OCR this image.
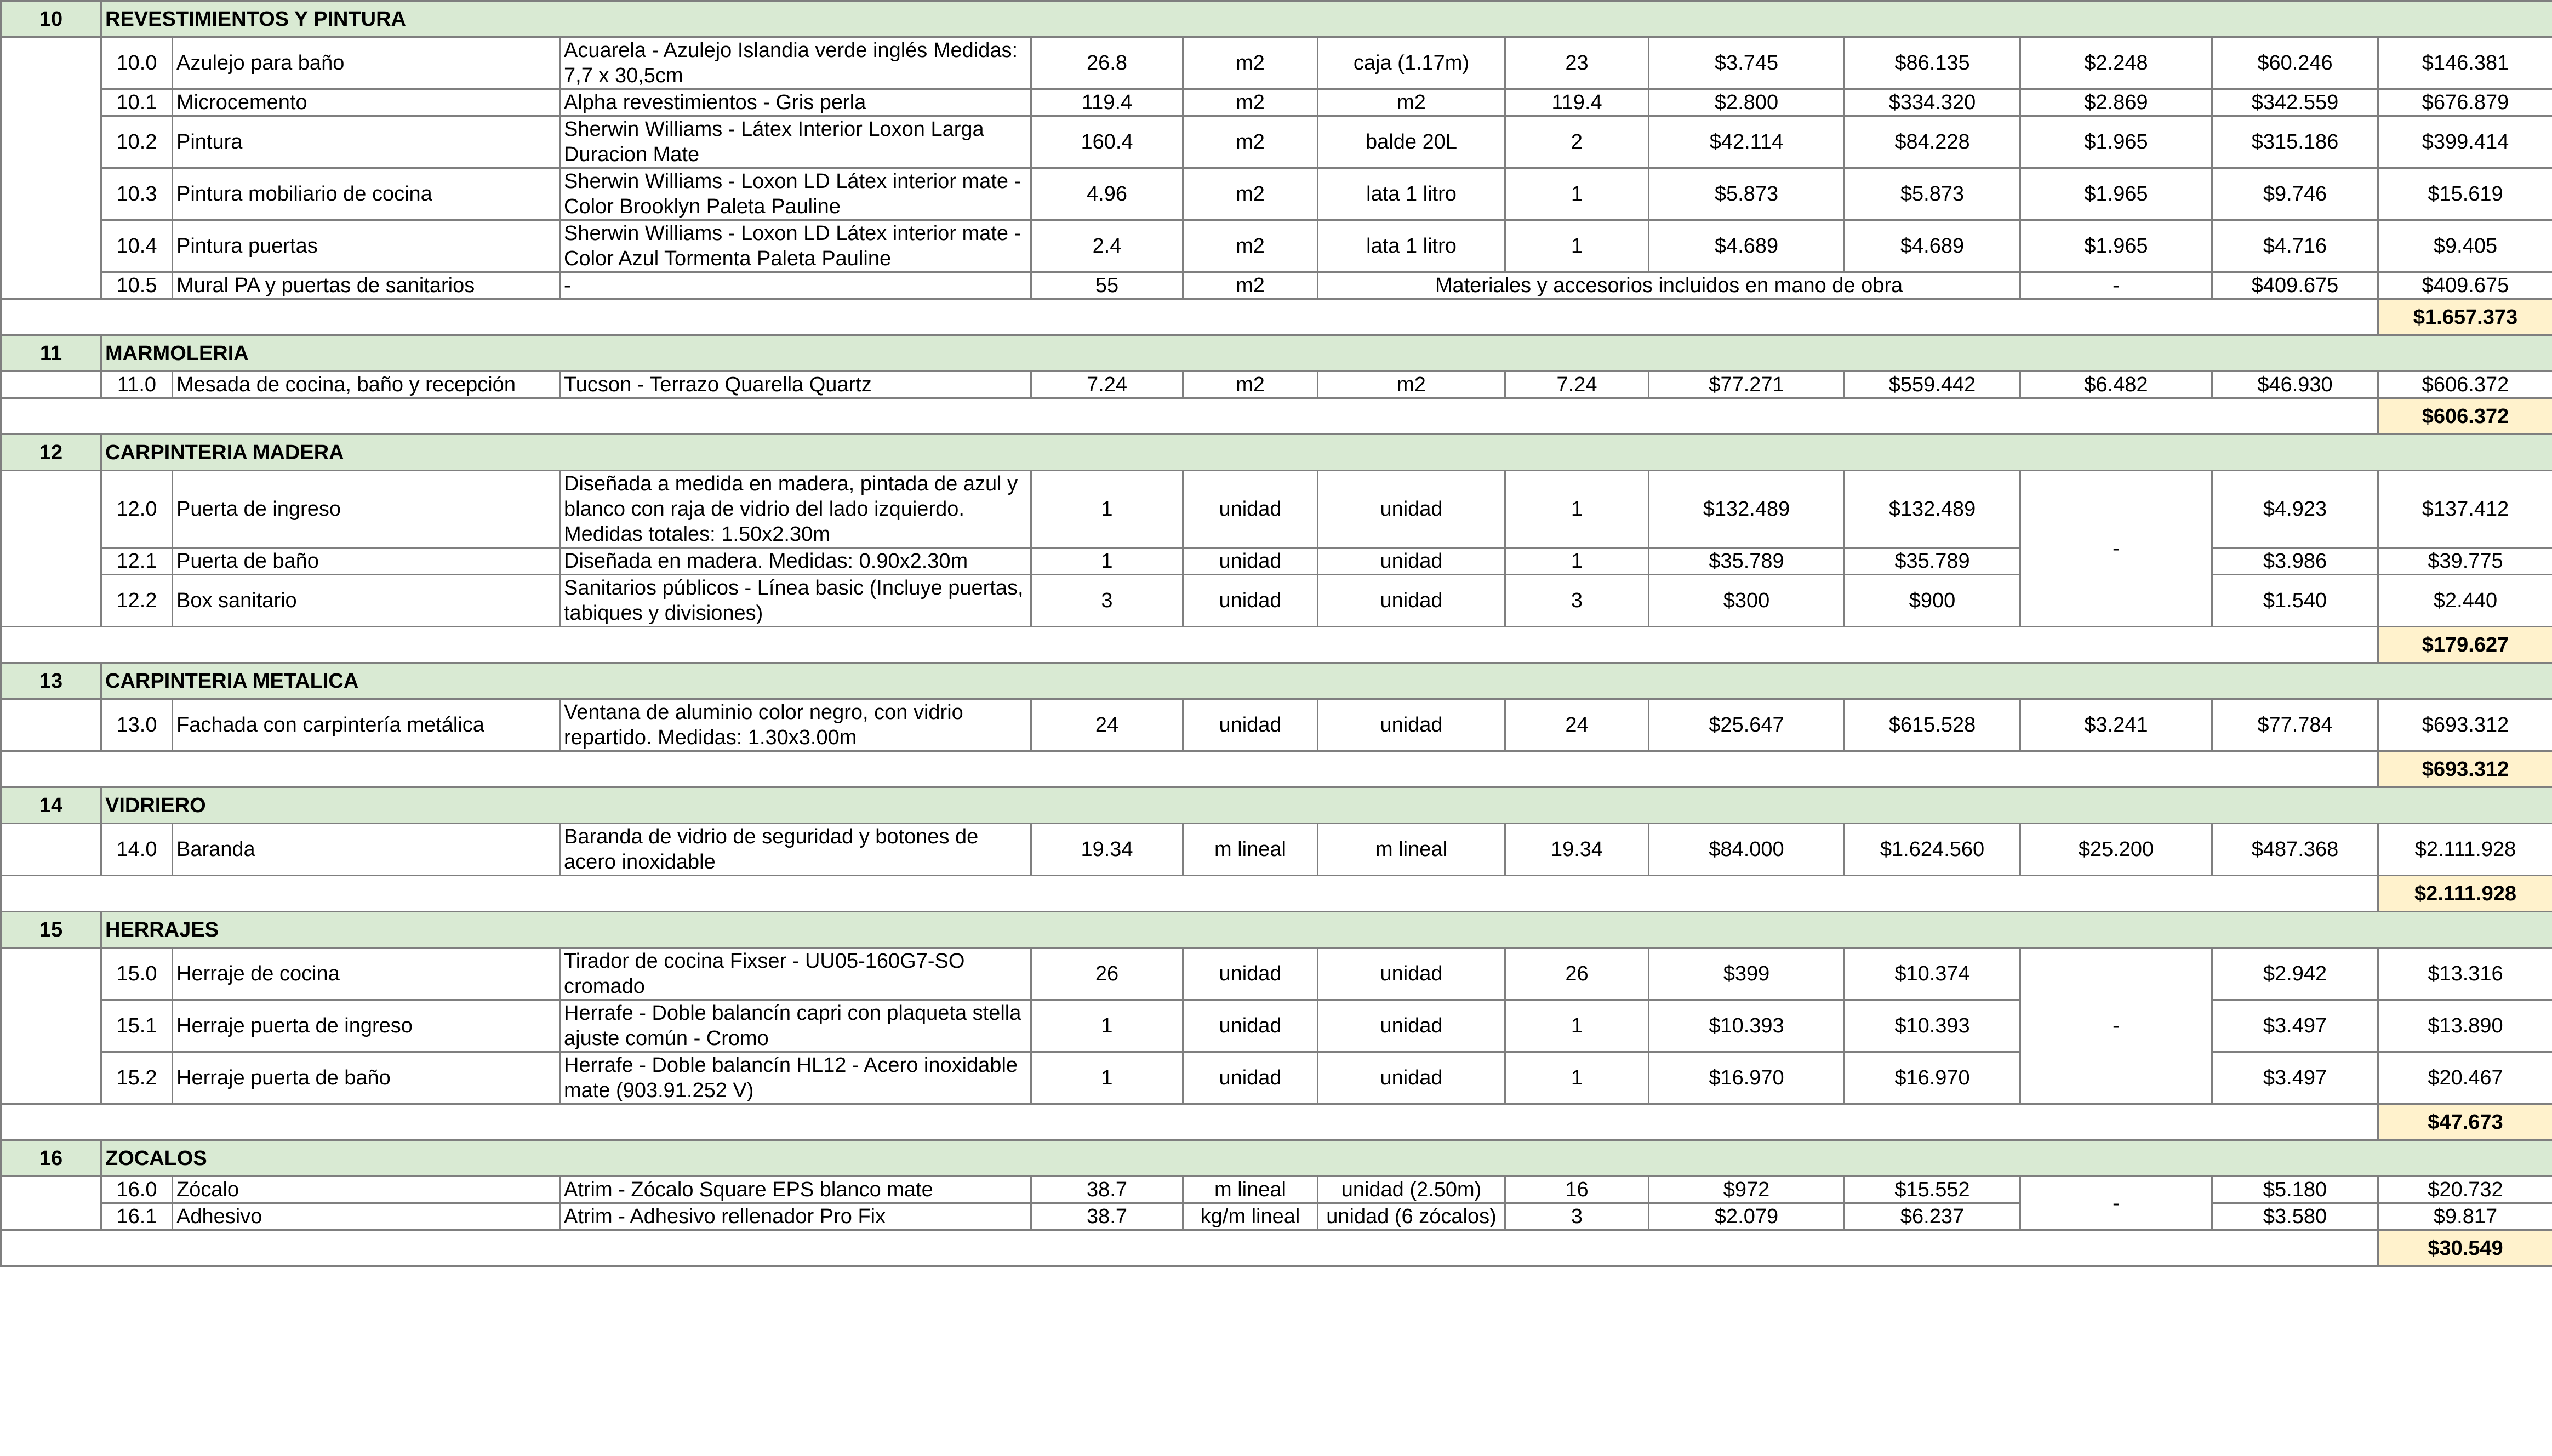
10	REVESTIMIENTOS Y PINTURA											
	10.0	Azulejo para baño	Acuarela - Azulejo Islandia verde inglés Medidas: 7,7 x 30,5cm	26.8	m2	caja (1.17m)	23	$3.745	$86.135	$2.248	$60.246	$146.381
	10.1	Microcemento	Alpha revestimientos - Gris perla	119.4	m2	m2	119.4	$2.800	$334.320	$2.869	$342.559	$676.879
	10.2	Pintura	Sherwin Williams - Látex Interior Loxon Larga Duracion Mate	160.4	m2	balde 20L	2	$42.114	$84.228	$1.965	$315.186	$399.414
	10.3	Pintura mobiliario de cocina	Sherwin Williams - Loxon LD Látex interior mate - Color Brooklyn Paleta Pauline	4.96	m2	lata 1 litro	1	$5.873	$5.873	$1.965	$9.746	$15.619
	10.4	Pintura puertas	Sherwin Williams - Loxon LD Látex interior mate - Color Azul Tormenta Paleta Pauline	2.4	m2	lata 1 litro	1	$4.689	$4.689	$1.965	$4.716	$9.405
	10.5	Mural PA y puertas de sanitarios	-	55	m2	Materiales y accesorios incluidos en mano de obra				-	$409.675	$409.675
												$1.657.373
11	MARMOLERIA											
	11.0	Mesada de cocina, baño y recepción	Tucson - Terrazo Quarella Quartz	7.24	m2	m2	7.24	$77.271	$559.442	$6.482	$46.930	$606.372
												$606.372
12	CARPINTERIA MADERA											
	12.0	Puerta de ingreso	Diseñada a medida en madera, pintada de azul y blanco con raja de vidrio del lado izquierdo. Medidas totales: 1.50x2.30m	1	unidad	unidad	1	$132.489	$132.489	-	$4.923	$137.412
	12.1	Puerta de baño	Diseñada en madera. Medidas: 0.90x2.30m	1	unidad	unidad	1	$35.789	$35.789		$3.986	$39.775
	12.2	Box sanitario	Sanitarios públicos - Línea basic (Incluye puertas, tabiques y divisiones)	3	unidad	unidad	3	$300	$900		$1.540	$2.440
												$179.627
13	CARPINTERIA METALICA											
	13.0	Fachada con carpintería metálica	Ventana de aluminio color negro, con vidrio repartido. Medidas: 1.30x3.00m	24	unidad	unidad	24	$25.647	$615.528	$3.241	$77.784	$693.312
												$693.312
14	VIDRIERO											
	14.0	Baranda	Baranda de vidrio de seguridad y botones de acero inoxidable	19.34	m lineal	m lineal	19.34	$84.000	$1.624.560	$25.200	$487.368	$2.111.928
												$2.111.928
15	HERRAJES											
	15.0	Herraje de cocina	Tirador de cocina Fixser - UU05-160G7-SO cromado	26	unidad	unidad	26	$399	$10.374	-	$2.942	$13.316
	15.1	Herraje puerta de ingreso	Herrafe - Doble balancín capri con plaqueta stella ajuste común - Cromo	1	unidad	unidad	1	$10.393	$10.393		$3.497	$13.890
	15.2	Herraje puerta de baño	Herrafe - Doble balancín HL12 - Acero inoxidable mate (903.91.252 V)	1	unidad	unidad	1	$16.970	$16.970		$3.497	$20.467
												$47.673
16	ZOCALOS											
	16.0	Zócalo	Atrim - Zócalo Square EPS blanco mate	38.7	m lineal	unidad (2.50m)	16	$972	$15.552	-	$5.180	$20.732
	16.1	Adhesivo	Atrim - Adhesivo rellenador Pro Fix	38.7	kg/m lineal	unidad (6 zócalos)	3	$2.079	$6.237		$3.580	$9.817
												$30.549
